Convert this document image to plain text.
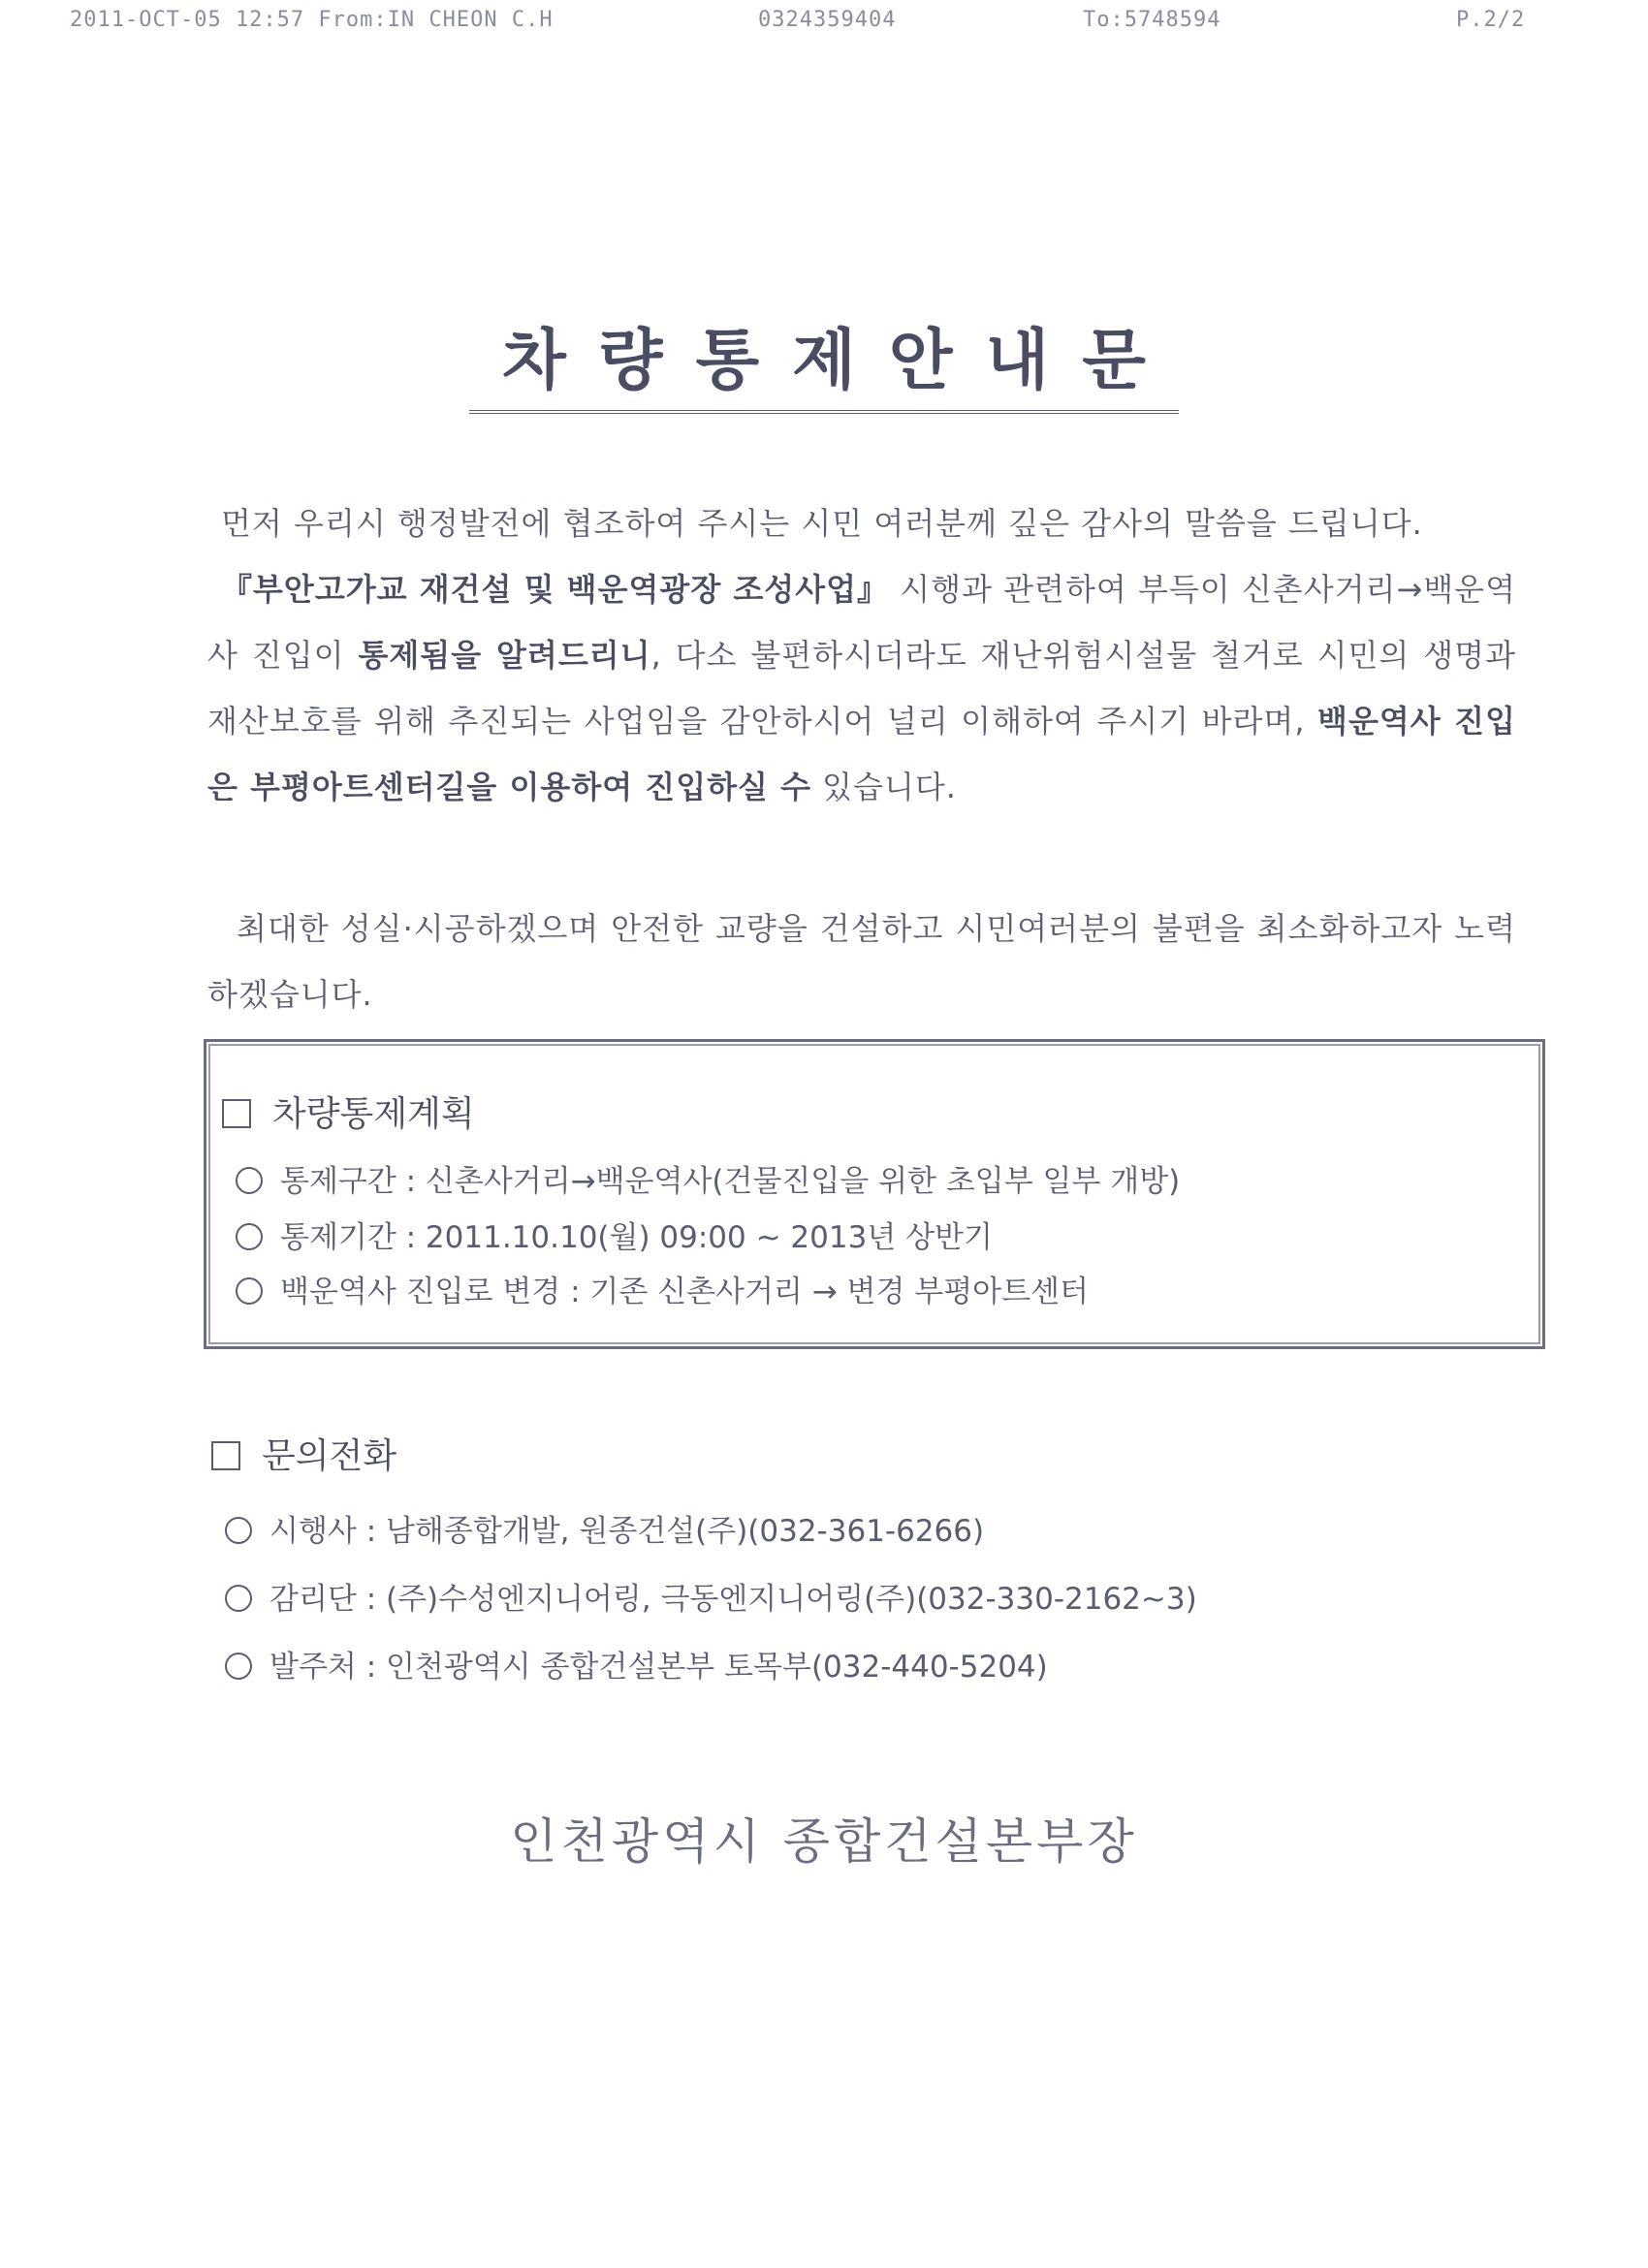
2011-OCT-05 12:57 From:IN CHEON C.H	0324359404	To:5748594	P.2/2
차량통제안내문
먼저 우리시 행정발전에 협조하여 주시는 시민 여러분께 깊은 감사의 말씀을 드립니다.
『부안고가교 재건설 및 백운역광장 조성사업』 시행과 관련하여 부득이 신촌사거리→백운역사 진입이 통제됨을 알려드리니, 다소 불편하시더라도 재난위험시설물 철거로 시민의 생명과 재산보호를 위해 추진되는 사업임을 감안하시어 널리 이해하여 주시기 바라며, 백운역사 진입은 부평아트센터길을 이용하여 진입하실 수 있습니다.
최대한 성실·시공하겠으며 안전한 교량을 건설하고 시민여러분의 불편을 최소화하고자 노력하겠습니다.
차량통제계획
통제구간 : 신촌사거리→백운역사(건물진입을 위한 초입부 일부 개방)
통제기간 : 2011.10.10(월) 09:00 ~ 2013년 상반기
백운역사 진입로 변경 : 기존 신촌사거리 → 변경 부평아트센터
문의전화
시행사 : 남해종합개발, 원종건설(주)(032-361-6266)
감리단 : (주)수성엔지니어링, 극동엔지니어링(주)(032-330-2162~3)
발주처 : 인천광역시 종합건설본부 토목부(032-440-5204)
인천광역시 종합건설본부장
